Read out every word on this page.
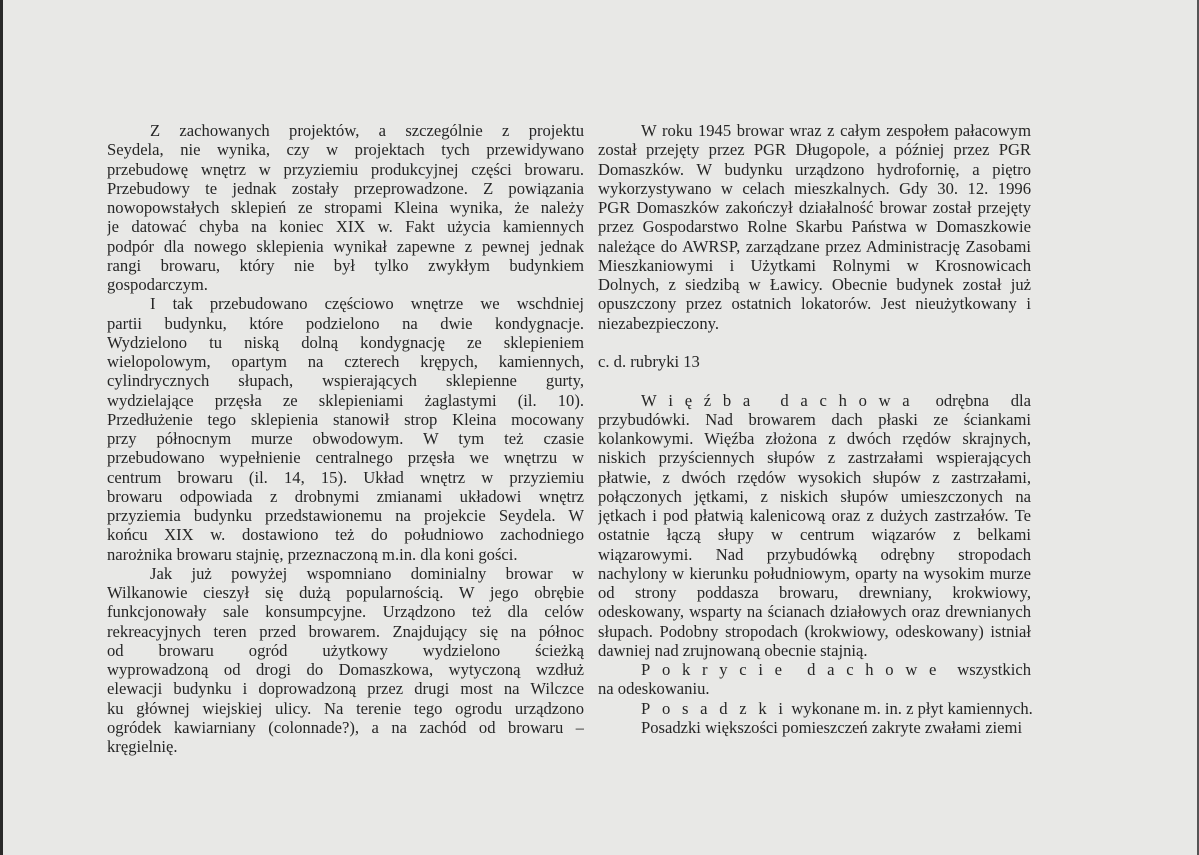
Z zachowanych projektów, a szczególnie z projektu
Seydela, nie wynika, czy w projektach tych przewidywano
przebudowę wnętrz w przyziemiu produkcyjnej części browaru.
Przebudowy te jednak zostały przeprowadzone. Z powiązania
nowopowstałych sklepień ze stropami Kleina wynika, że należy
je datować chyba na koniec XIX w. Fakt użycia kamiennych
podpór dla nowego sklepienia wynikał zapewne z pewnej jednak
rangi browaru, który nie był tylko zwykłym budynkiem
gospodarczym.
I tak przebudowano częściowo wnętrze we wschdniej
partii budynku, które podzielono na dwie kondygnacje.
Wydzielono tu niską dolną kondygnację ze sklepieniem
wielopolowym, opartym na czterech krępych, kamiennych,
cylindrycznych słupach, wspierających sklepienne gurty,
wydzielające przęsła ze sklepieniami żaglastymi (il. 10).
Przedłużenie tego sklepienia stanowił strop Kleina mocowany
przy północnym murze obwodowym. W tym też czasie
przebudowano wypełnienie centralnego przęsła we wnętrzu w
centrum browaru (il. 14, 15). Układ wnętrz w przyziemiu
browaru odpowiada z drobnymi zmianami układowi wnętrz
przyziemia budynku przedstawionemu na projekcie Seydela. W
końcu XIX w. dostawiono też do południowo zachodniego
narożnika browaru stajnię, przeznaczoną m.in. dla koni gości.
Jak już powyżej wspomniano dominialny browar w
Wilkanowie cieszył się dużą popularnością. W jego obrębie
funkcjonowały sale konsumpcyjne. Urządzono też dla celów
rekreacyjnych teren przed browarem. Znajdujący się na północ
od browaru ogród użytkowy wydzielono ścieżką
wyprowadzoną od drogi do Domaszkowa, wytyczoną wzdłuż
elewacji budynku i doprowadzoną przez drugi most na Wilczce
ku głównej wiejskiej ulicy. Na terenie tego ogrodu urządzono
ogródek kawiarniany (colonnade?), a na zachód od browaru –
kręgielnię.
W roku 1945 browar wraz z całym zespołem pałacowym
został przejęty przez PGR Długopole, a później przez PGR
Domaszków. W budynku urządzono hydrofornię, a piętro
wykorzystywano w celach mieszkalnych. Gdy 30. 12. 1996
PGR Domaszków zakończył działalność browar został przejęty
przez Gospodarstwo Rolne Skarbu Państwa w Domaszkowie
należące do AWRSP, zarządzane przez Administrację Zasobami
Mieszkaniowymi i Użytkami Rolnymi w Krosnowicach
Dolnych, z siedzibą w Ławicy. Obecnie budynek został już
opuszczony przez ostatnich lokatorów. Jest nieużytkowany i
niezabezpieczony.
c. d. rubryki 13
W i ę ź b a d a c h o w a odrębna dla
przybudówki. Nad browarem dach płaski ze ściankami
kolankowymi. Więźba złożona z dwóch rzędów skrajnych,
niskich przyściennych słupów z zastrzałami wspierających
płatwie, z dwóch rzędów wysokich słupów z zastrzałami,
połączonych jętkami, z niskich słupów umieszczonych na
jętkach i pod płatwią kalenicową oraz z dużych zastrzałów. Te
ostatnie łączą słupy w centrum wiązarów z belkami
wiązarowymi. Nad przybudówką odrębny stropodach
nachylony w kierunku południowym, oparty na wysokim murze
od strony poddasza browaru, drewniany, krokwiowy,
odeskowany, wsparty na ścianach działowych oraz drewnianych
słupach. Podobny stropodach (krokwiowy, odeskowany) istniał
dawniej nad zrujnowaną obecnie stajnią.
P o k r y c i e d a c h o w e wszystkich
na odeskowaniu.
P o s a d z k i wykonane m. in. z płyt kamiennych.
Posadzki większości pomieszczeń zakryte zwałami ziemi
